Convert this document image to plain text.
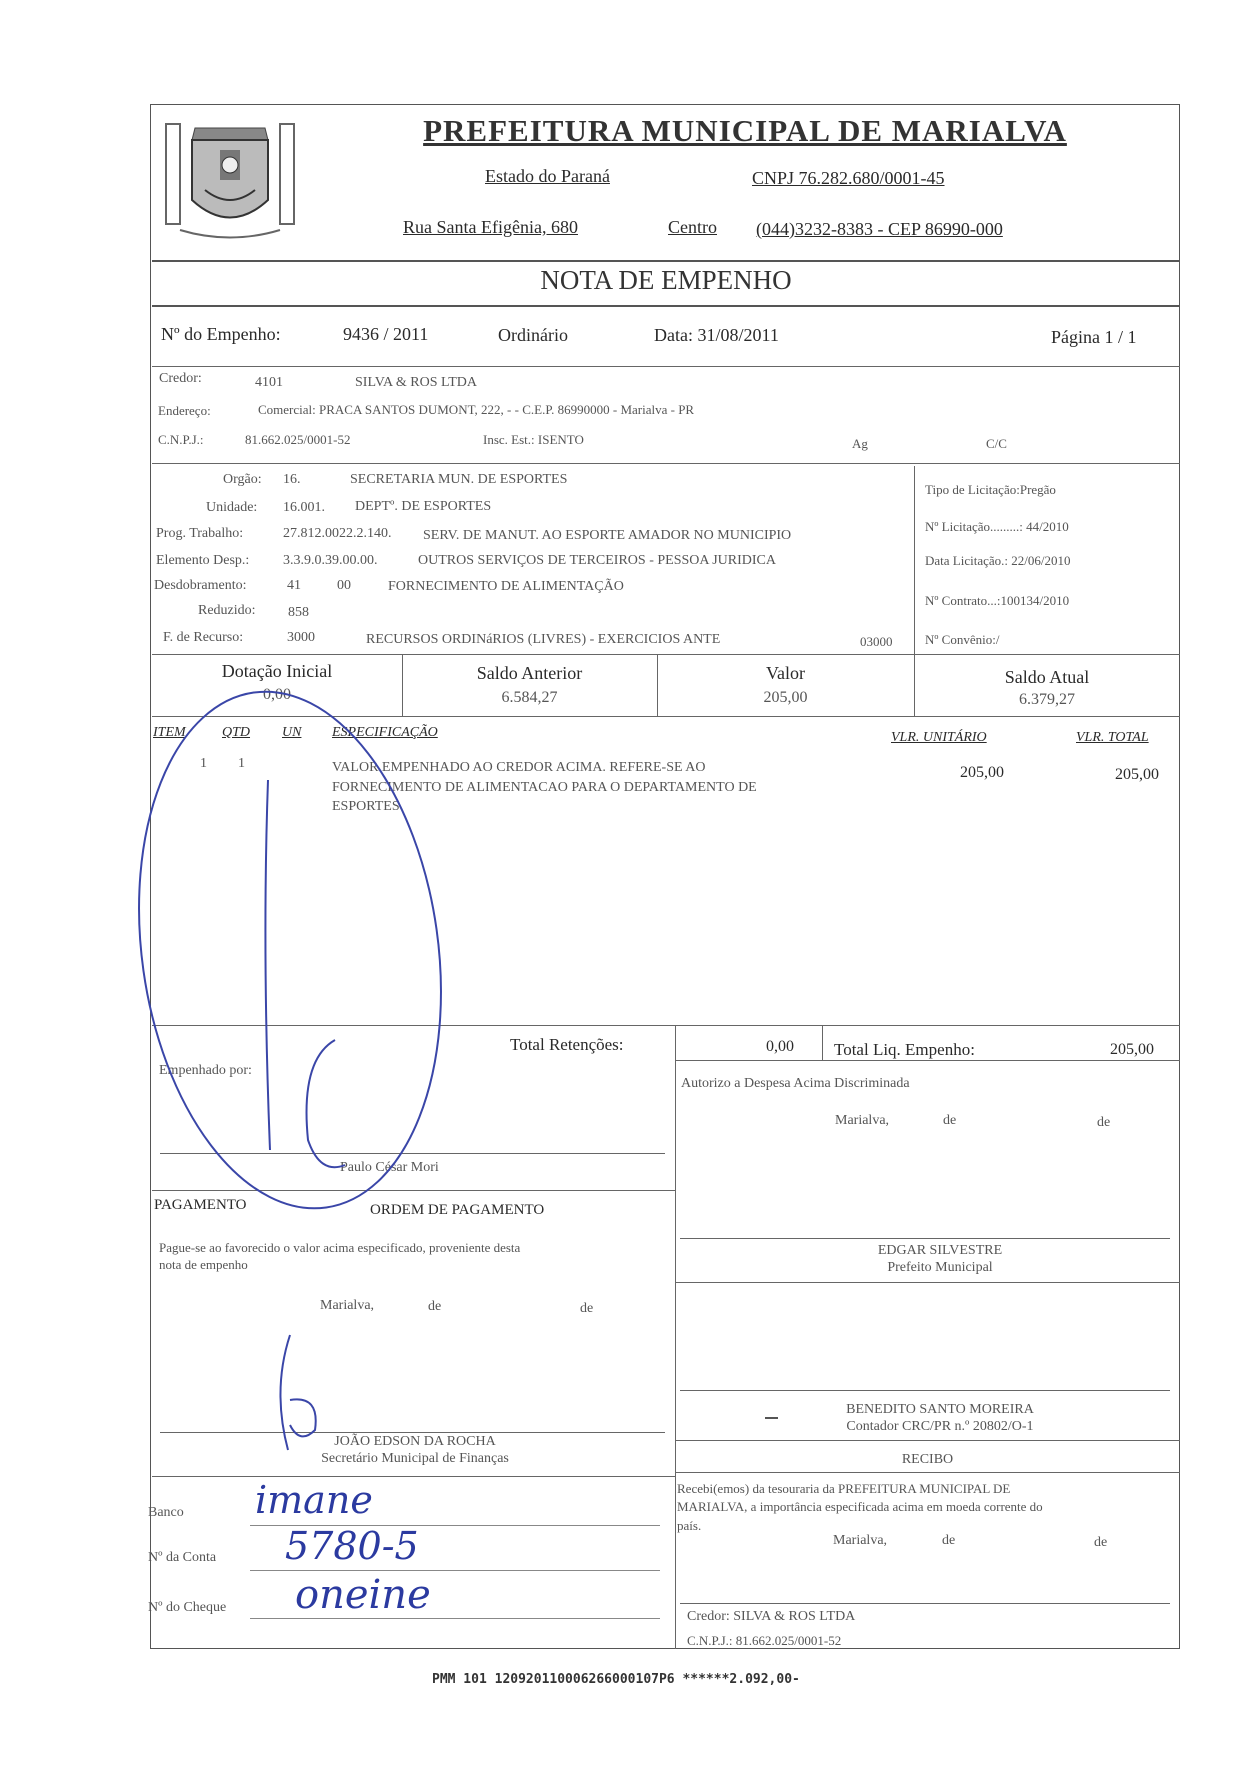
PREFEITURA MUNICIPAL DE MARIALVA
Estado do Paraná	CNPJ 76.282.680/0001-45
Rua Santa Efigênia, 680	Centro (044)3232-8383 - CEP 86990-000
NOTA DE EMPENHO
Nº do Empenho:	9436 / 2011	Ordinário	Data: 31/08/2011	Página 1 / 1
Credor:	4101	SILVA & ROS LTDA
Endereço:	Comercial: PRACA SANTOS DUMONT, 222, - - C.E.P. 86990000 - Marialva - PR
C.N.P.J.:	81.662.025/0001-52	Insc. Est.: ISENTO	Ag	C/C
Orgão: 16.	SECRETARIA MUN. DE ESPORTES
Unidade: 16.001. DEPTº. DE ESPORTES
Prog. Trabalho:	27.812.0022.2.140. SERV. DE MANUT. AO ESPORTE AMADOR NO MUNICIPIO
Elemento Desp.: 3.3.9.0.39.00.00.	OUTROS SERVIÇOS DE TERCEIROS - PESSOA JURIDICA
Desdobramento:	41	00	FORNECIMENTO DE ALIMENTAÇÃO
Reduzido: 858
F. de Recurso:	3000	RECURSOS ORDINáRIOS (LIVRES) - EXERCICIOS ANTE	03000
Tipo de Licitação:Pregão
Nº Licitação.........: 44/2010
Data Licitação.: 22/06/2010
Nº Contrato...:100134/2010
Nº Convênio:/
Dotação Inicial
0,00
Saldo Anterior
6.584,27
Valor
205,00
Saldo Atual
6.379,27
ITEM	QTD UN ESPECIFICAÇÃO	VLR. UNITÁRIO	VLR. TOTAL
1 1	VALOR EMPENHADO AO CREDOR ACIMA. REFERE-SE AO
FORNECIMENTO DE ALIMENTACAO PARA O DEPARTAMENTO DE
ESPORTES
205,00	205,00
Total Retenções:	0,00 Total Liq. Empenho:	205,00
Empenhado por:
Paulo César Mori
Autorizo a Despesa Acima Discriminada
Marialva,	de	de
EDGAR SILVESTRE
Prefeito Municipal
PAGAMENTO	ORDEM DE PAGAMENTO
Pague-se ao favorecido o valor acima especificado, proveniente desta
nota de empenho
Marialva,	de	de
JOÃO EDSON DA ROCHA
Secretário Municipal de Finanças
BENEDITO SANTO MOREIRA
Contador CRC/PR n.º 20802/O-1
RECIBO
Recebi(emos) da tesouraria da PREFEITURA MUNICIPAL DE
MARIALVA, a importância especificada acima em moeda corrente do
país.
Marialva,	de	de
Credor: SILVA & ROS LTDA
C.N.P.J.: 81.662.025/0001-52
Banco imane
Nº da Conta 5780-5
Nº do Cheque oneine
PMM 101 120920110006266000107P6 ******2.092,00-
